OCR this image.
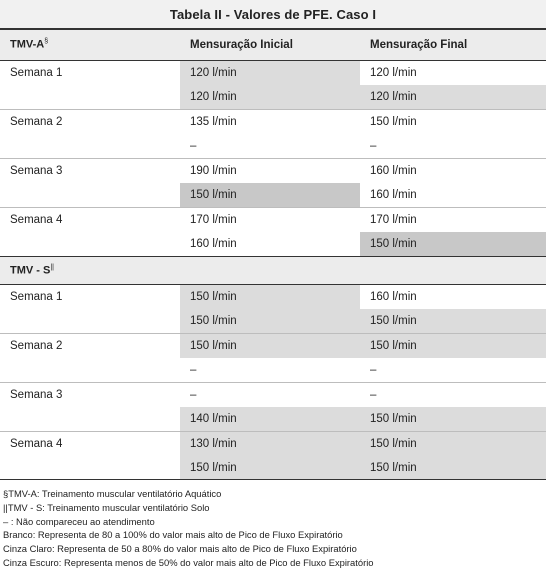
Tabela II - Valores de PFE. Caso I
TMV-A§	Mensuração Inicial	Mensuração Final
Semana 1	120 l/min	120 l/min
	120 l/min	120 l/min
Semana 2	135 l/min	150 l/min
	–	–
Semana 3	190 l/min	160 l/min
	150 l/min	160 l/min
Semana 4	170 l/min	170 l/min
	160 l/min	150 l/min
TMV - S||
Semana 1	150 l/min	160 l/min
	150 l/min	150 l/min
Semana 2	150 l/min	150 l/min
	–	–
Semana 3	–	–
	140 l/min	150 l/min
Semana 4	130 l/min	150 l/min
	150 l/min	150 l/min
§TMV-A: Treinamento muscular ventilatório Aquático
||TMV - S: Treinamento muscular ventilatório Solo
– : Não compareceu ao atendimento
Branco: Representa de 80 a 100% do valor mais alto de Pico de Fluxo Expiratório
Cinza Claro: Representa de 50 a 80% do valor mais alto de Pico de Fluxo Expiratório
Cinza Escuro: Representa menos de 50% do valor mais alto de Pico de Fluxo Expiratório
